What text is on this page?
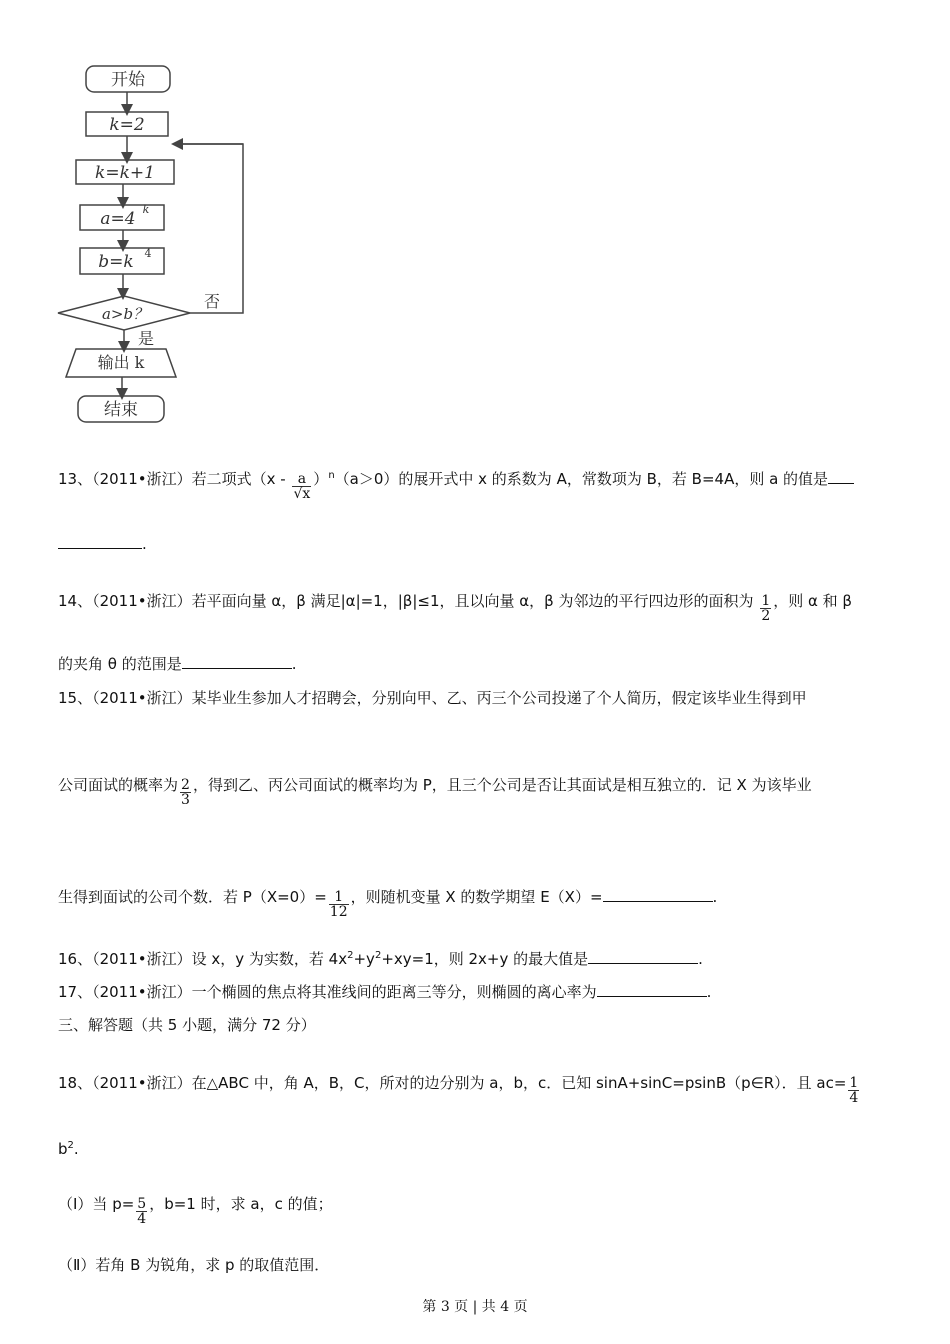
开始
k=2
k=k+1
a=4 k
b=k 4
a>b？
否
是
输出 k
结束
13、（2011•浙江）若二项式$(x - \frac{a}{√x} )^n(a>0)$的展开式中 x 的系数为 A，常数项为 B，若 B=4A，则 a 的值是
.
14、（2011•浙江）若平面向量 α，β 满足|α|=1，|β|≤1，且以向量 α，β 为邻边的平行四边形的面积为 $\frac{1}{2}$ ，则 α 和 β
的夹角 θ 的范围是	.
15、（2011•浙江）某毕业生参加人才招聘会，分别向甲、乙、丙三个公司投递了个人简历，假定该毕业生得到甲
公司面试的概率为 $\frac{2}{3}$ ，得到乙、丙公司面试的概率均为 P，且三个公司是否让其面试是相互独立的．记 X 为该毕业
生得到面试的公司个数．若 $P(X=0)= \frac{1}{12}$ ，则随机变量 X 的数学期望 E（X）=	.
16、（2011•浙江）设 x，y 为实数，若 $4x^2+y^2+xy=1$，则 2x+y 的最大值是	.
17、（2011•浙江）一个椭圆的焦点将其准线间的距离三等分，则椭圆的离心率为	.
三、解答题（共 5 小题，满分 72 分）
18、（2011•浙江）在△ABC 中，角 A，B，C，所对的边分别为 a，b，c．已知 sinA+sinC=psinB（p∈R）．且 $ac= \frac{1}{4}$
$b^2$.
（Ⅰ）当 $p= \frac{5}{4}$ ，b=1 时，求 a，c 的值；
（Ⅱ）若角 B 为锐角，求 p 的取值范围．
第 3 页 | 共 4 页
